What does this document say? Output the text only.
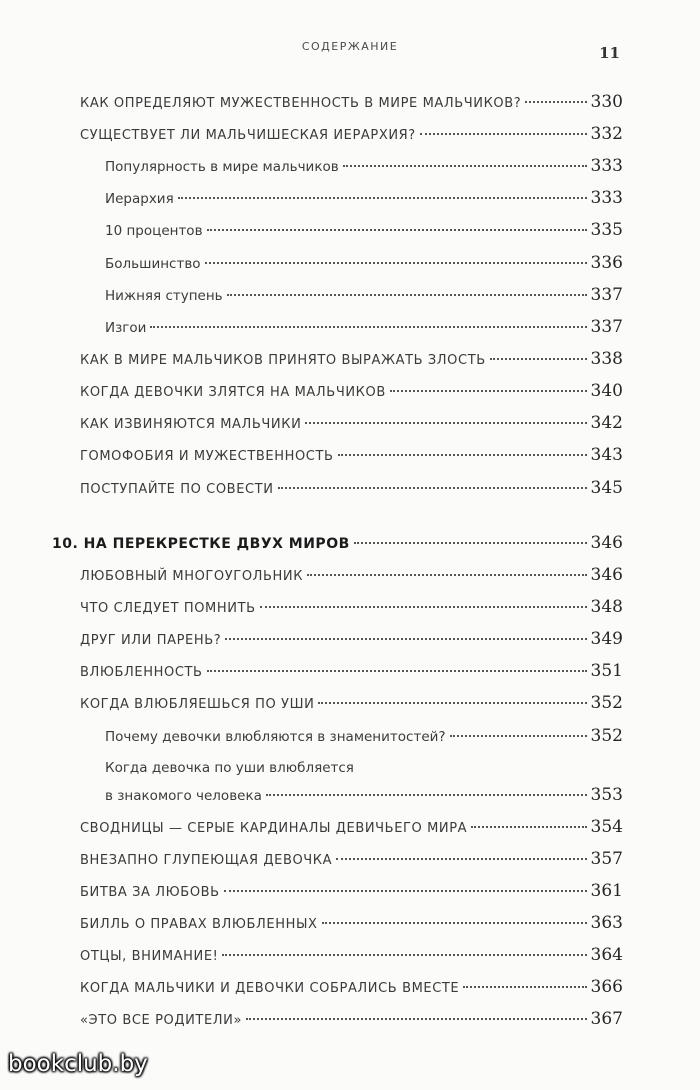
СОДЕРЖАНИЕ	11
КАК ОПРЕДЕЛЯЮТ МУЖЕСТВЕННОСТЬ В МИРЕ МАЛЬЧИКОВ?	330
СУЩЕСТВУЕТ ЛИ МАЛЬЧИШЕСКАЯ ИЕРАРХИЯ?	332
Популярность в мире мальчиков	333
Иерархия	333
10 процентов	335
Большинство	336
Нижняя ступень	337
Изгои	337
КАК В МИРЕ МАЛЬЧИКОВ ПРИНЯТО ВЫРАЖАТЬ ЗЛОСТЬ	338
КОГДА ДЕВОЧКИ ЗЛЯТСЯ НА МАЛЬЧИКОВ	340
КАК ИЗВИНЯЮТСЯ МАЛЬЧИКИ	342
ГОМОФОБИЯ И МУЖЕСТВЕННОСТЬ	343
ПОСТУПАЙТЕ ПО СОВЕСТИ	345
10. НА ПЕРЕКРЕСТКЕ ДВУХ МИРОВ	346
ЛЮБОВНЫЙ МНОГОУГОЛЬНИК	346
ЧТО СЛЕДУЕТ ПОМНИТЬ	348
ДРУГ ИЛИ ПАРЕНЬ?	349
ВЛЮБЛЕННОСТЬ	351
КОГДА ВЛЮБЛЯЕШЬСЯ ПО УШИ	352
Почему девочки влюбляются в знаменитостей?	352
Когда девочка по уши влюбляется
в знакомого человека	353
СВОДНИЦЫ — СЕРЫЕ КАРДИНАЛЫ ДЕВИЧЬЕГО МИРА	354
ВНЕЗАПНО ГЛУПЕЮЩАЯ ДЕВОЧКА	357
БИТВА ЗА ЛЮБОВЬ	361
БИЛЛЬ О ПРАВАХ ВЛЮБЛЕННЫХ	363
ОТЦЫ, ВНИМАНИЕ!	364
КОГДА МАЛЬЧИКИ И ДЕВОЧКИ СОБРАЛИСЬ ВМЕСТЕ	366
«ЭТО ВСЕ РОДИТЕЛИ»	367
bookclub.by
